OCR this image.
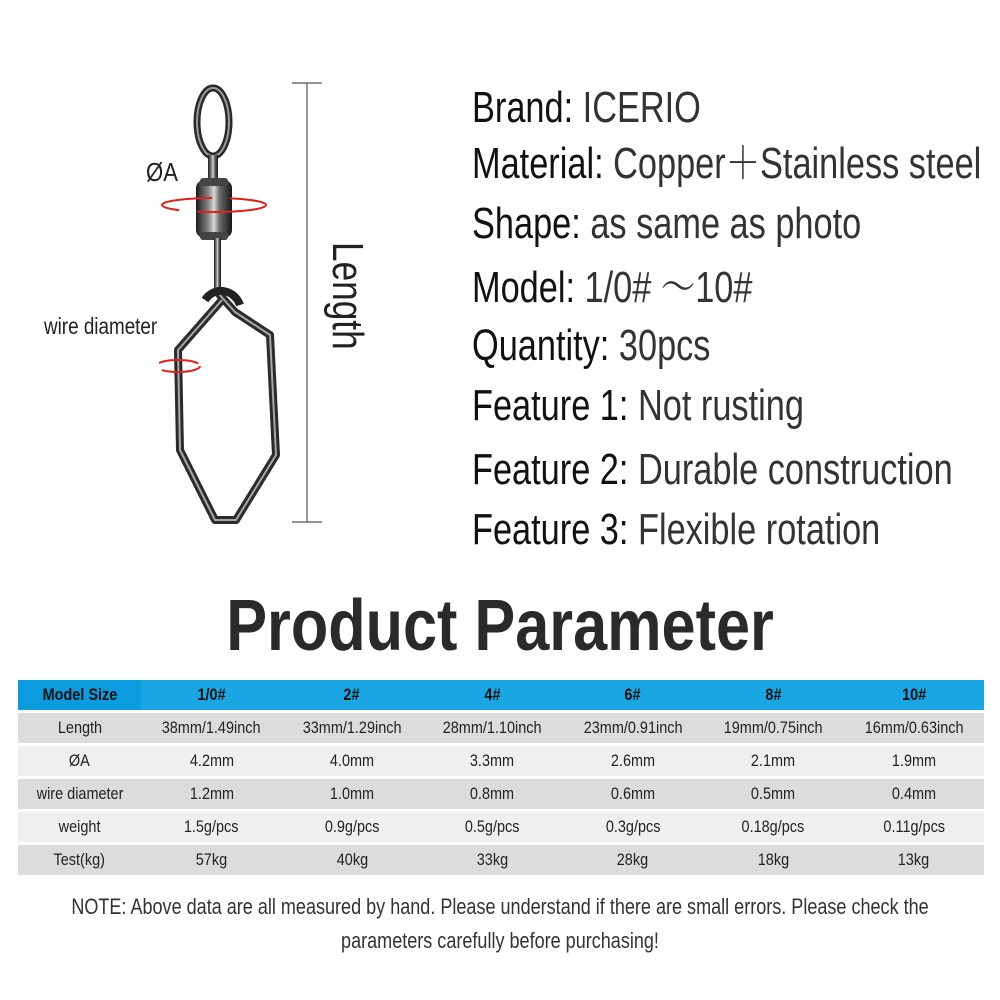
ØA
wire diameter	Length
Brand: ICERIO
Material: Copper＋Stainless steel
Shape: as same as photo
Model: 1/0# ～10#
Quantity: 30pcs
Feature 1: Not rusting
Feature 2: Durable construction
Feature 3: Flexible rotation
Product Parameter
Model Size	1/0#	2#	4#	6#	8#	10#
Length	38mm/1.49inch	33mm/1.29inch	28mm/1.10inch	23mm/0.91inch	19mm/0.75inch	16mm/0.63inch
ØA	4.2mm	4.0mm	3.3mm	2.6mm	2.1mm	1.9mm
wire diameter	1.2mm	1.0mm	0.8mm	0.6mm	0.5mm	0.4mm
weight	1.5g/pcs	0.9g/pcs	0.5g/pcs	0.3g/pcs	0.18g/pcs	0.11g/pcs
Test(kg)	57kg	40kg	33kg	28kg	18kg	13kg
NOTE: Above data are all measured by hand. Please understand if there are small errors. Please check the parameters carefully before purchasing!
